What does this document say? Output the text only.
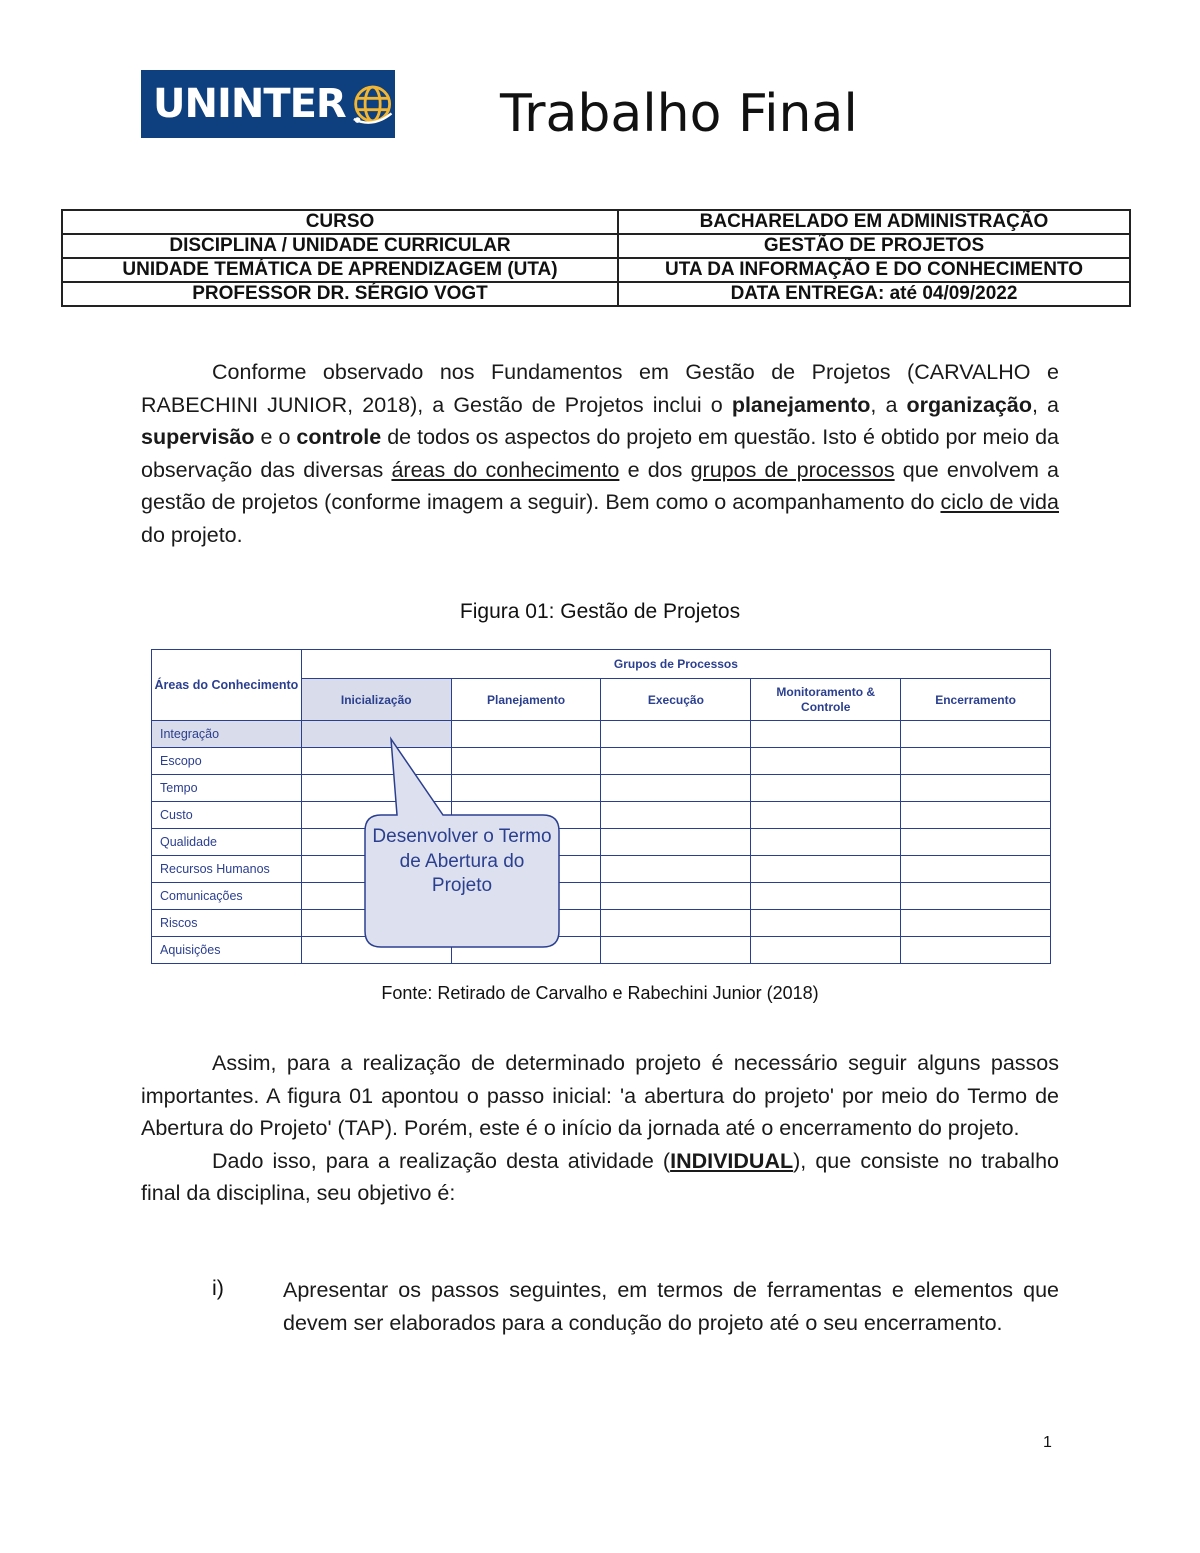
UNINTER	Trabalho Final
CURSO	BACHARELADO EM ADMINISTRAÇÃO
DISCIPLINA / UNIDADE CURRICULAR	GESTÃO DE PROJETOS
UNIDADE TEMÁTICA DE APRENDIZAGEM (UTA)	UTA DA INFORMAÇÃO E DO CONHECIMENTO
PROFESSOR DR. SÉRGIO VOGT	DATA ENTREGA: até 04/09/2022

Conforme observado nos Fundamentos em Gestão de Projetos (CARVALHO e RABECHINI JUNIOR, 2018), a Gestão de Projetos inclui o planejamento, a organização, a supervisão e o controle de todos os aspectos do projeto em questão. Isto é obtido por meio da observação das diversas áreas do conhecimento e dos grupos de processos que envolvem a gestão de projetos (conforme imagem a seguir). Bem como o acompanhamento do ciclo de vida do projeto.

Figura 01: Gestão de Projetos
Áreas do Conhecimento	Grupos de Processos				
	Inicialização	Planejamento	Execução	Monitoramento & Controle	Encerramento
Integração					
Escopo					
Tempo					
Custo					
Qualidade					
Recursos Humanos					
Comunicações					
Riscos					
Aquisições					
Desenvolver o Termo de Abertura do Projeto
Fonte: Retirado de Carvalho e Rabechini Junior (2018)

Assim, para a realização de determinado projeto é necessário seguir alguns passos importantes. A figura 01 apontou o passo inicial: 'a abertura do projeto' por meio do Termo de Abertura do Projeto' (TAP). Porém, este é o início da jornada até o encerramento do projeto.

Dado isso, para a realização desta atividade (INDIVIDUAL), que consiste no trabalho final da disciplina, seu objetivo é:

i)	Apresentar os passos seguintes, em termos de ferramentas e elementos que devem ser elaborados para a condução do projeto até o seu encerramento.
1
